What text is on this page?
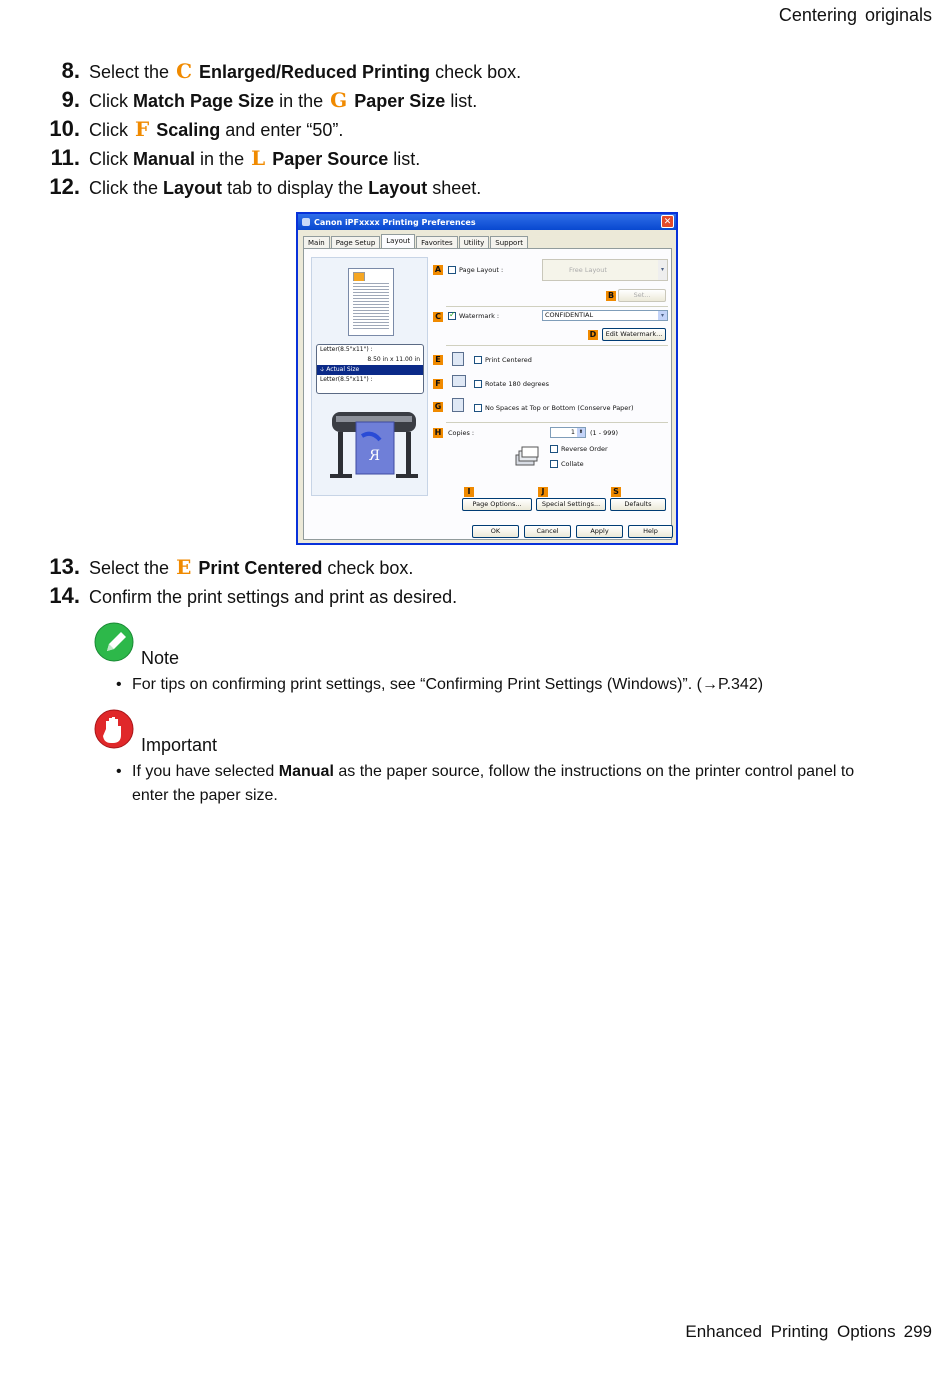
Centering originals
8. Select the
C
Enlarged/Reduced Printing
check box.
9. Click
Match Page Size
in the
G
Paper Size
list.
10. Click
F
Scaling
and enter “50”.
11. Click
Manual
in the
L
Paper Source
list.
12. Click the
Layout
tab to display the
Layout
sheet.
Canon iPFxxxx Printing Preferences	✕
Main	Page Setup	Layout	Favorites	Utility	Support
Letter(8.5"x11") :
8.50 in x 11.00 in
🡣 Actual Size
Letter(8.5"x11") :
R
A	Page Layout :	Free Layout	▾
B	Set...
C
✓	Watermark :	CONFIDENTIAL	▾
D	Edit Watermark...
E	Print Centered
F	Rotate 180 degrees
G	No Spaces at Top or Bottom (Conserve Paper)
H Copies :	1 ⬍ (1 - 999)
Reverse Order
Collate
I	J	S
Page Options...	Special Settings...	Defaults
OK	Cancel	Apply	Help
13. Select the
E
Print Centered
check box.
14. Confirm the print settings and print as desired.
Note
• For tips on confirming print settings, see “Confirming Print Settings (Windows)”. (→P.342)
Important
• If you have selected Manual as the paper source, follow the instructions on the printer control panel to enter the paper size.
Enhanced Printing Options 299
